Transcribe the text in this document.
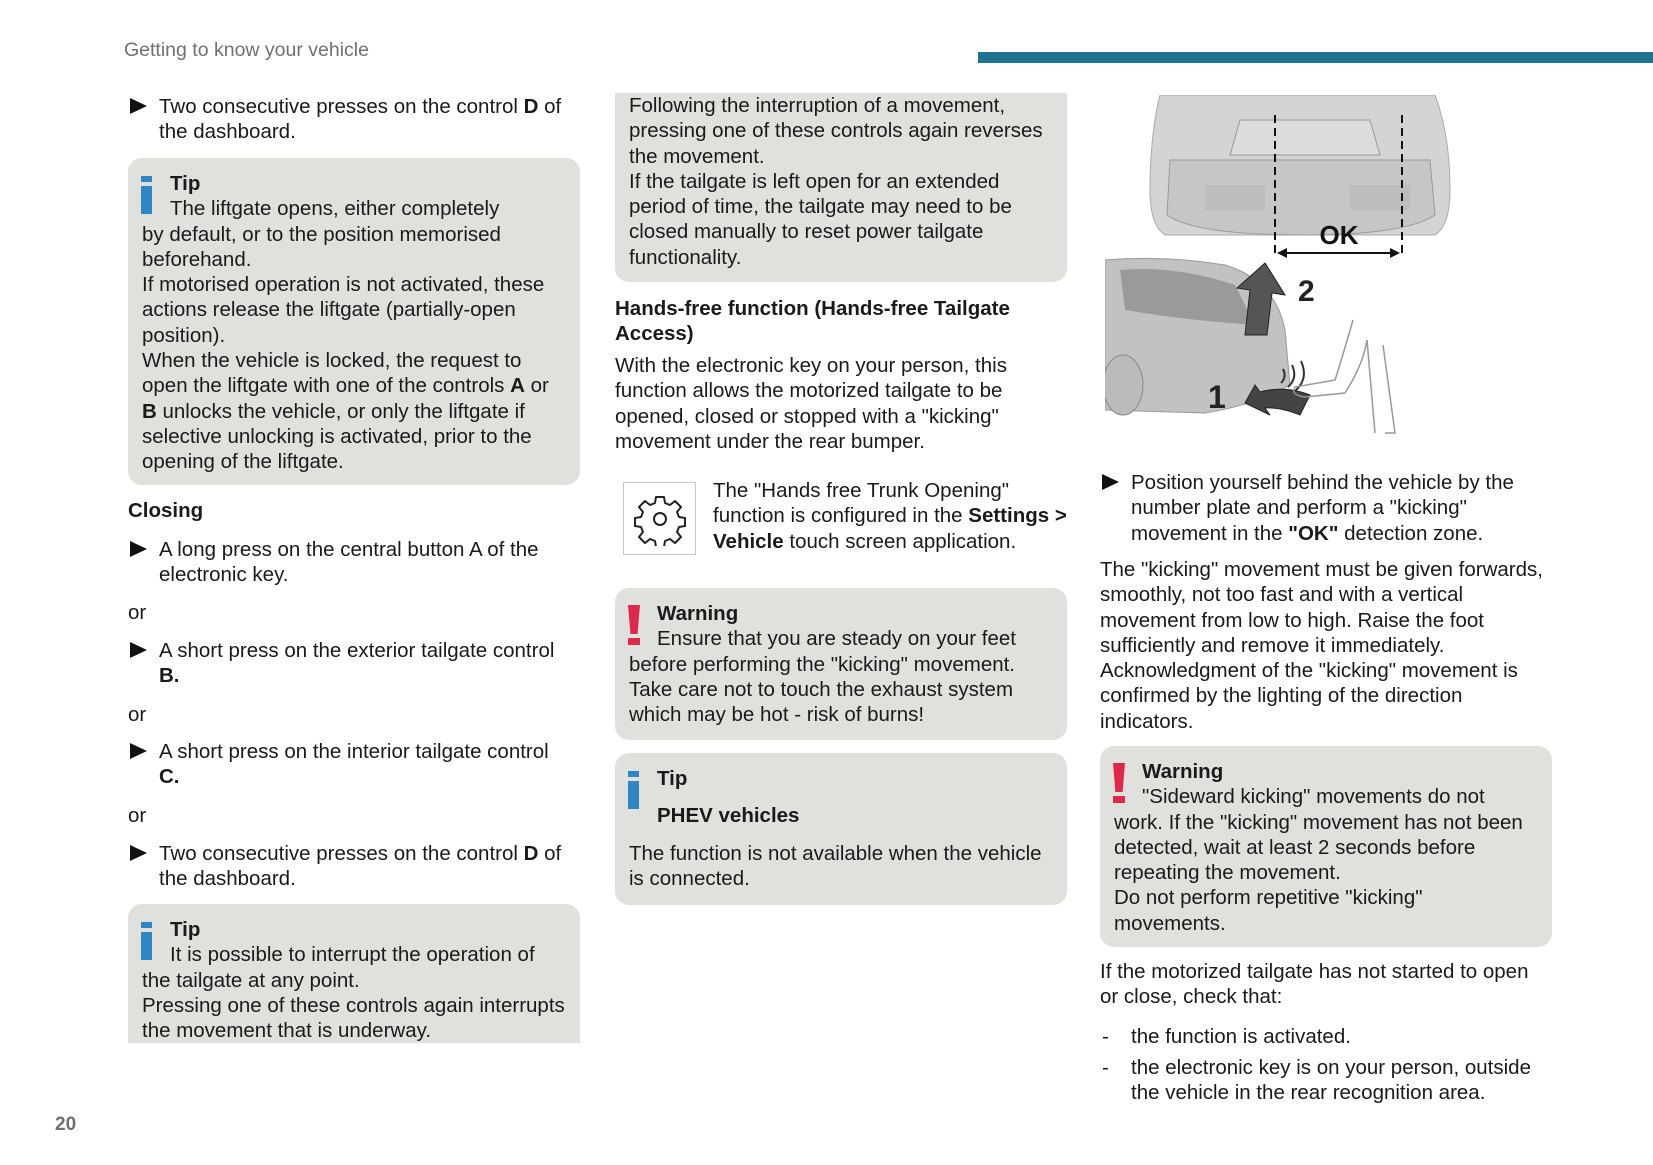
Getting to know your vehicle
20
Two consecutive presses on the control D of the dashboard.
Tip
The liftgate opens, either completely
by default, or to the position memorised beforehand.
If motorised operation is not activated, these actions release the liftgate (partially-open position).
When the vehicle is locked, the request to open the liftgate with one of the controls A or B unlocks the vehicle, or only the liftgate if selective unlocking is activated, prior to the opening of the liftgate.
Closing
A long press on the central button A of the electronic key.
or
A short press on the exterior tailgate control
B.
or
A short press on the interior tailgate control
C.
or
Two consecutive presses on the control D of the dashboard.
Tip
It is possible to interrupt the operation of
the tailgate at any point.
Pressing one of these controls again interrupts the movement that is underway.
Following the interruption of a movement, pressing one of these controls again reverses the movement.
If the tailgate is left open for an extended period of time, the tailgate may need to be closed manually to reset power tailgate functionality.
Hands-free function (Hands-free Tailgate Access)
With the electronic key on your person, this function allows the motorized tailgate to be opened, closed or stopped with a "kicking" movement under the rear bumper.
The "Hands free Trunk Opening" function is configured in the Settings > Vehicle touch screen application.
Warning
Ensure that you are steady on your feet
before performing the "kicking" movement. Take care not to touch the exhaust system which may be hot - risk of burns!
Tip
PHEV vehicles
The function is not available when the vehicle is connected.
OK
2
1
Position yourself behind the vehicle by the number plate and perform a "kicking" movement in the "OK" detection zone.
The "kicking" movement must be given forwards, smoothly, not too fast and with a vertical movement from low to high. Raise the foot sufficiently and remove it immediately. Acknowledgment of the "kicking" movement is confirmed by the lighting of the direction indicators.
Warning
"Sideward kicking" movements do not
work. If the "kicking" movement has not been detected, wait at least 2 seconds before repeating the movement.
Do not perform repetitive "kicking" movements.
If the motorized tailgate has not started to open or close, check that:
- the function is activated.
- the electronic key is on your person, outside the vehicle in the rear recognition area.
